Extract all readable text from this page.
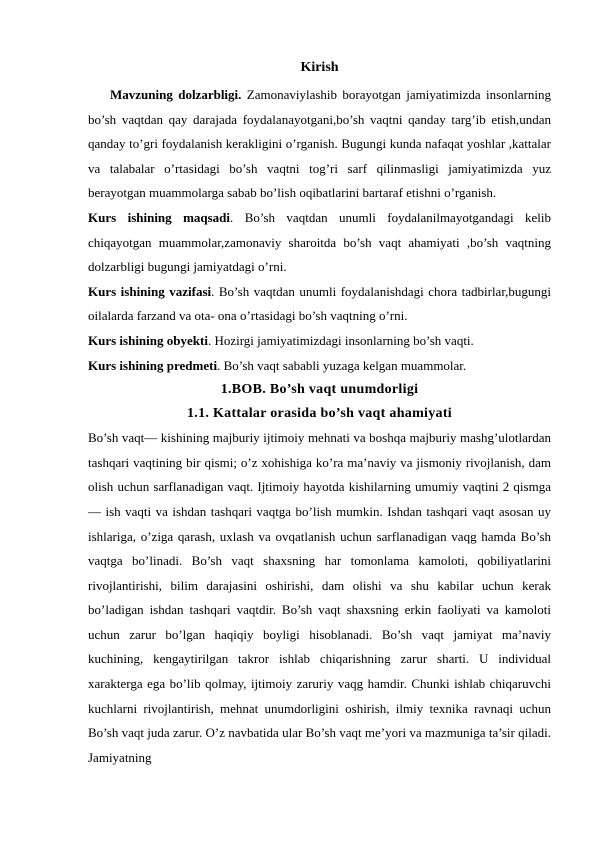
Kirish

Mavzuning dolzarbligi. Zamonaviylashib borayotgan jamiyatimizda insonlarning bo’sh vaqtdan qay darajada foydalanayotgani,bo’sh vaqtni qanday targ’ib etish,undan qanday to’gri foydalanish kerakligini o’rganish. Bugungi kunda nafaqat yoshlar ,kattalar va talabalar o’rtasidagi bo’sh vaqtni tog’ri sarf qilinmasligi jamiyatimizda yuz berayotgan muammolarga sabab bo’lish oqibatlarini bartaraf etishni o’rganish.

Kurs ishining maqsadi. Bo’sh vaqtdan unumli foydalanilmayotgandagi kelib chiqayotgan muammolar,zamonaviy sharoitda bo’sh vaqt ahamiyati ,bo’sh vaqtning dolzarbligi bugungi jamiyatdagi o’rni.

Kurs ishining vazifasi. Bo’sh vaqtdan unumli foydalanishdagi chora tadbirlar,bugungi oilalarda farzand va ota- ona o’rtasidagi bo’sh vaqtning o’rni.

Kurs ishining obyekti. Hozirgi jamiyatimizdagi insonlarning bo’sh vaqti.

Kurs ishining predmeti. Bo’sh vaqt sababli yuzaga kelgan muammolar.

1.BOB. Bo’sh vaqt unumdorligi
1.1. Kattalar orasida bo’sh vaqt ahamiyati

Bo’sh vaqt— kishining majburiy ijtimoiy mehnati va boshqa majburiy mashg’ulotlardan tashqari vaqtining bir qismi; o’z xohishiga ko’ra ma’naviy va jismoniy rivojlanish, dam olish uchun sarflanadigan vaqt. Ijtimoiy hayotda kishilarning umumiy vaqtini 2 qismga — ish vaqti va ishdan tashqari vaqtga bo’lish mumkin. Ishdan tashqari vaqt asosan uy ishlariga, o’ziga qarash, uxlash va ovqatlanish uchun sarflanadigan vaqg hamda Bo’sh vaqtga bo’linadi. Bo’sh vaqt shaxsning har tomonlama kamoloti, qobiliyatlarini rivojlantirishi, bilim darajasini oshirishi, dam olishi va shu kabilar uchun kerak bo’ladigan ishdan tashqari vaqtdir. Bo’sh vaqt shaxsning erkin faoliyati va kamoloti uchun zarur bo’lgan haqiqiy boyligi hisoblanadi. Bo’sh vaqt jamiyat ma’naviy kuchining, kengaytirilgan takror ishlab chiqarishning zarur sharti. U individual xarakterga ega bo’lib qolmay, ijtimoiy zaruriy vaqg hamdir. Chunki ishlab chiqaruvchi kuchlarni rivojlantirish, mehnat unumdorligini oshirish, ilmiy texnika ravnaqi uchun Bo’sh vaqt juda zarur. O’z navbatida ular Bo’sh vaqt me’yori va mazmuniga ta’sir qiladi. Jamiyatning
